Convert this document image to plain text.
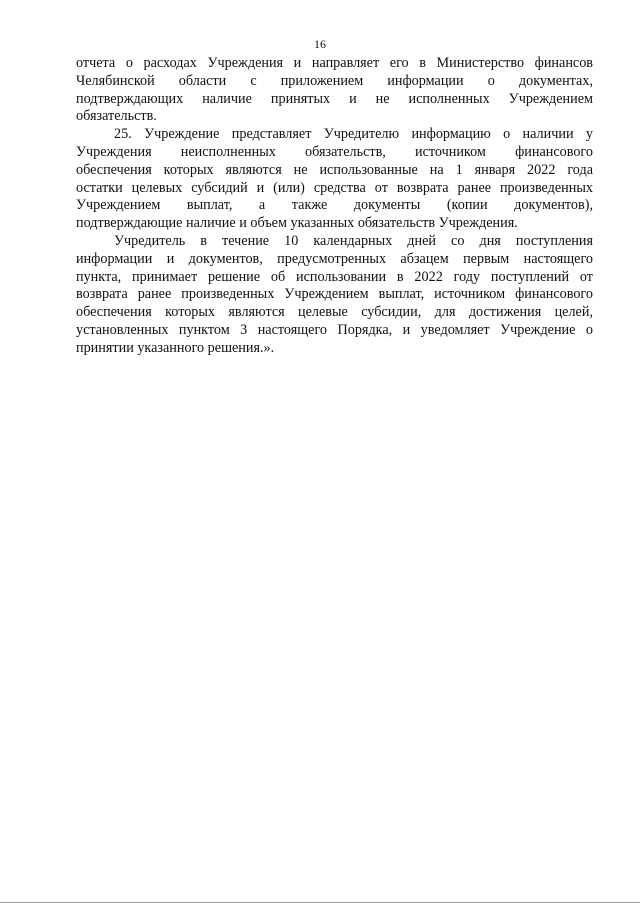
16

отчета о расходах Учреждения и направляет его в Министерство финансов
Челябинской области с приложением информации о документах,
подтверждающих наличие принятых и не исполненных Учреждением
обязательств.

25. Учреждение представляет Учредителю информацию о наличии у
Учреждения неисполненных обязательств, источником финансового
обеспечения которых являются не использованные на 1 января 2022 года
остатки целевых субсидий и (или) средства от возврата ранее произведенных
Учреждением выплат, а также документы (копии документов),
подтверждающие наличие и объем указанных обязательств Учреждения.

Учредитель в течение 10 календарных дней со дня поступления
информации и документов, предусмотренных абзацем первым настоящего
пункта, принимает решение об использовании в 2022 году поступлений от
возврата ранее произведенных Учреждением выплат, источником финансового
обеспечения которых являются целевые субсидии, для достижения целей,
установленных пунктом 3 настоящего Порядка, и уведомляет Учреждение о
принятии указанного решения.».
